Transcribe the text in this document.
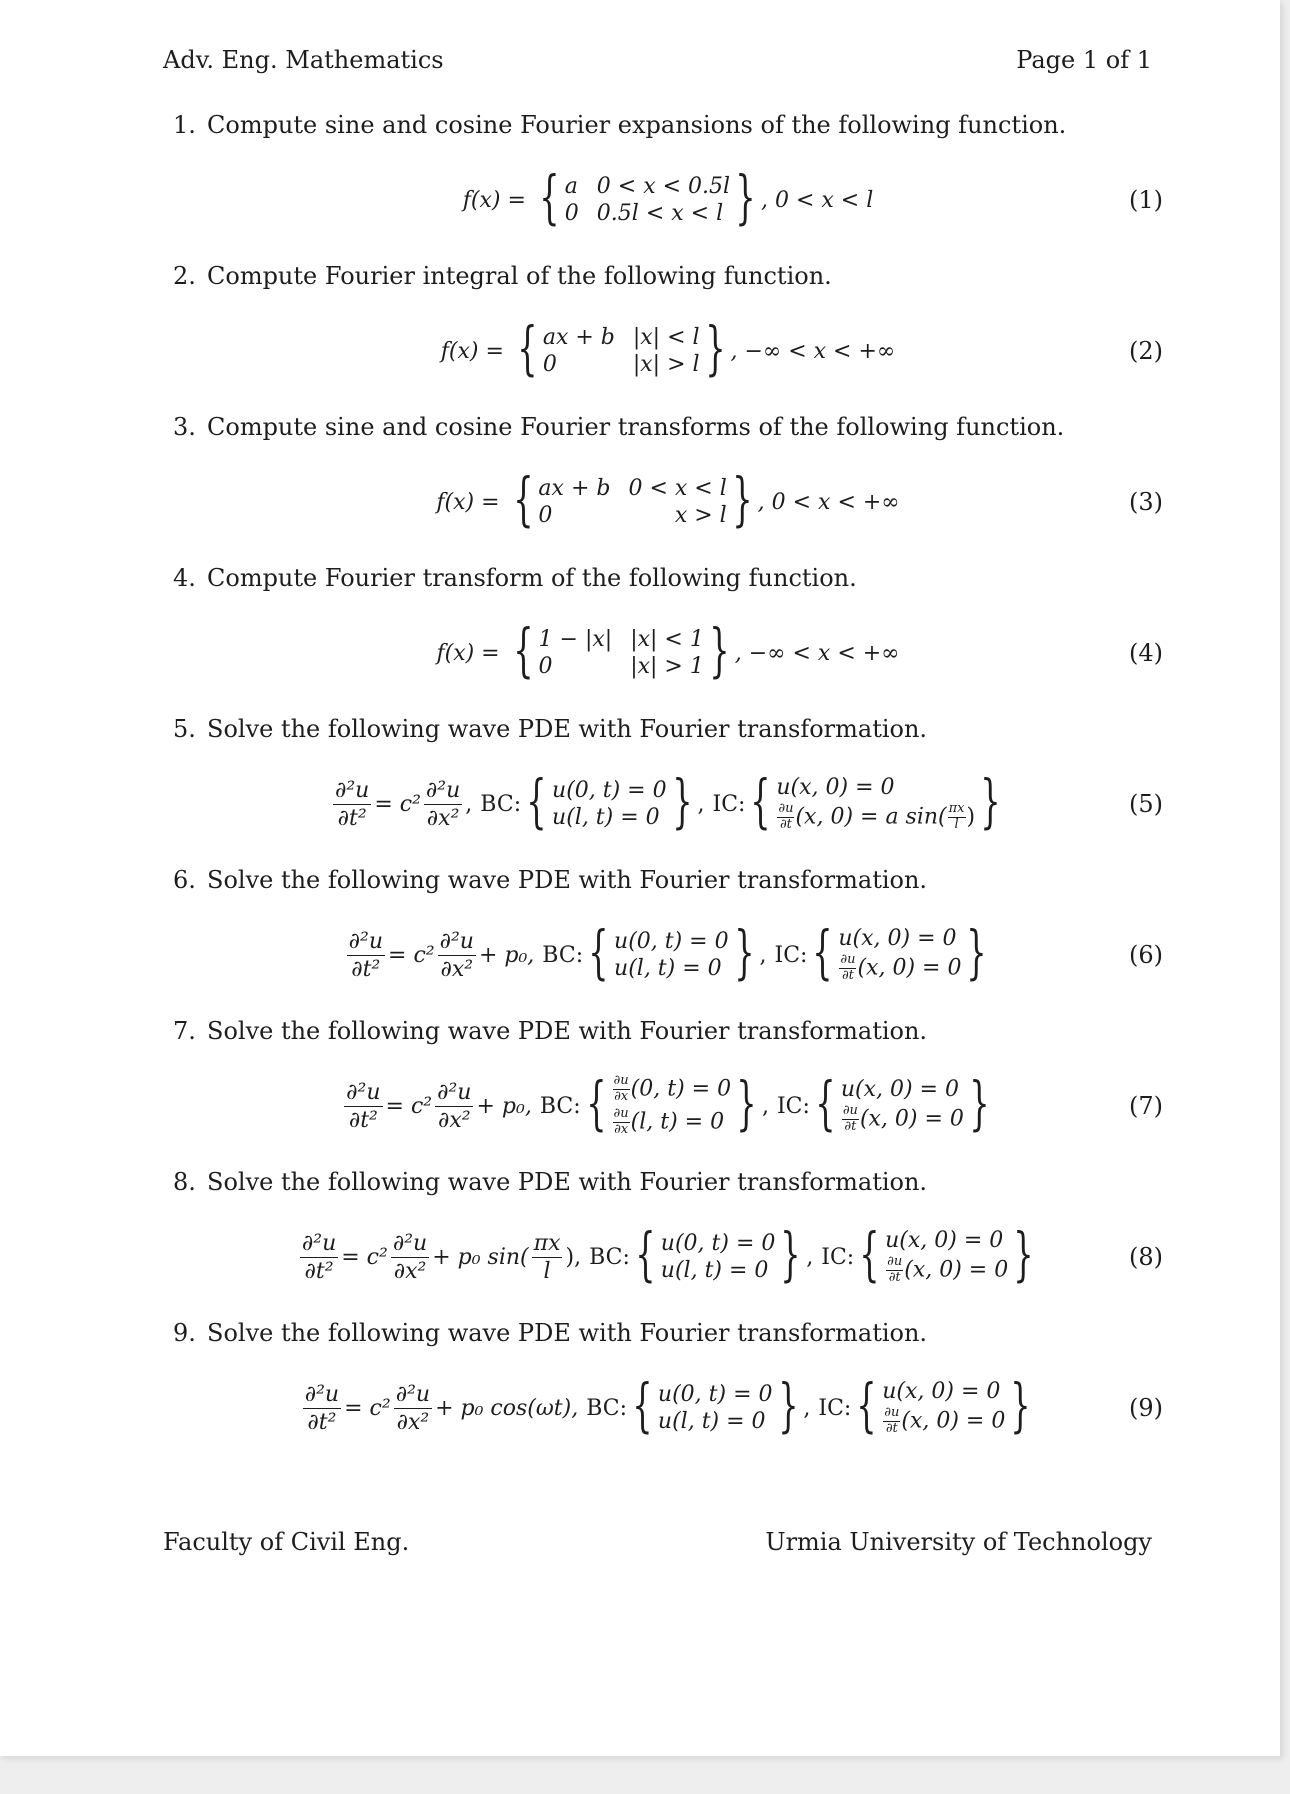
Adv. Eng. Mathematics	Page 1 of 1
1. Compute sine and cosine Fourier expansions of the following function.
f(x) = { a 0 < x < 0.5l
0 0.5l < x < l } , 0 < x < l	(1)
2. Compute Fourier integral of the following function.
f(x) = { ax + b |x| < l
0	|x| > l } , −∞ < x < +∞	(2)
3. Compute sine and cosine Fourier transforms of the following function.
f(x) = { ax + b 0 < x < l
0	x > l } , 0 < x < +∞	(3)
4. Compute Fourier transform of the following function.
f(x) = { 1 − |x| |x| < 1
0	|x| > 1 } , −∞ < x < +∞	(4)
5. Solve the following wave PDE with Fourier transformation.
$\frac{\text{∂²u}}{\text{∂t²}} = c^2 \frac{\text{∂²u}}{\text{∂x²}}$ , BC: { u(0, t) = 0
u(l, t) = 0 } , IC: { u(x, 0) = 0
$\frac{\partial u}{\partial t} (x$, 0) = a $\sin( \frac{\pi x}{l}$ ) }	(5)
6. Solve the following wave PDE with Fourier transformation.
$\frac{\text{∂²u}}{\text{∂t²}} = c^2 \frac{\text{∂²u}}{\text{∂x²}} + p_0$, BC: { u(0, t) = 0
u(l, t) = 0 } , IC: { u(x, 0) = 0
$\frac{\partial u}{\partial t} (x$, 0) = 0 }	(6)
7. Solve the following wave PDE with Fourier transformation.
$\frac{\text{∂²u}}{\text{∂t²}} = c^2 \frac{\text{∂²u}}{\text{∂x²}} + p_0$, BC: { $\frac{\partial u}{\partial x} (0$, t) = 0
$\frac{\partial u}{\partial x} (l$, t) = 0 } , IC: { u(x, 0) = 0
$\frac{\partial u}{\partial t} (x$, 0) = 0 }	(7)
8. Solve the following wave PDE with Fourier transformation.
$\frac{\text{∂²u}}{\text{∂t²}} = c^2 \frac{\text{∂²u}}{\text{∂x²}} + p_0$ $\sin( \frac{\pi x}{l}$ ), BC: { u(0, t) = 0
u(l, t) = 0 } , IC: { u(x, 0) = 0
$\frac{\partial u}{\partial t} (x$, 0) = 0 }	(8)
9. Solve the following wave PDE with Fourier transformation.
$\frac{\text{∂²u}}{\text{∂t²}} = c^2 \frac{\text{∂²u}}{\text{∂x²}} + p_0$ cos(ωt), BC: { u(0, t) = 0
u(l, t) = 0 } , IC: { u(x, 0) = 0
$\frac{\partial u}{\partial t} (x$, 0) = 0 }	(9)
Faculty of Civil Eng.	Urmia University of Technology
